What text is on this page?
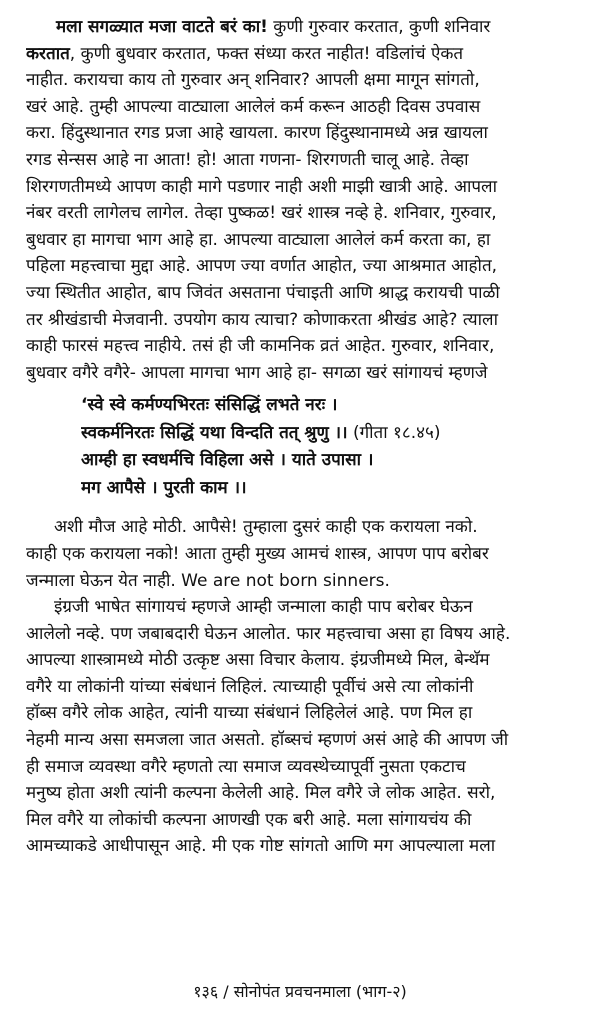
मला सगळ्यात मजा वाटते बरं का! कुणी गुरुवार करतात, कुणी शनिवार
करतात, कुणी बुधवार करतात, फक्त संध्या करत नाहीत! वडिलांचं ऐकत
नाहीत. करायचा काय तो गुरुवार अन् शनिवार? आपली क्षमा मागून सांगतो,
खरं आहे. तुम्ही आपल्या वाट्याला आलेलं कर्म करून आठही दिवस उपवास
करा. हिंदुस्थानात रगड प्रजा आहे खायला. कारण हिंदुस्थानामध्ये अन्न खायला
रगड सेन्सस आहे ना आता! हो! आता गणना- शिरगणती चालू आहे. तेव्हा
शिरगणतीमध्ये आपण काही मागे पडणार नाही अशी माझी खात्री आहे. आपला
नंबर वरती लागेलच लागेल. तेव्हा पुष्कळ! खरं शास्त्र नव्हे हे. शनिवार, गुरुवार,
बुधवार हा मागचा भाग आहे हा. आपल्या वाट्याला आलेलं कर्म करता का, हा
पहिला महत्त्वाचा मुद्दा आहे. आपण ज्या वर्णात आहोत, ज्या आश्रमात आहोत,
ज्या स्थितीत आहोत, बाप जिवंत असताना पंचाइती आणि श्राद्ध करायची पाळी
तर श्रीखंडाची मेजवानी. उपयोग काय त्याचा? कोणाकरता श्रीखंड आहे? त्याला
काही फारसं महत्त्व नाहीये. तसं ही जी कामनिक व्रतं आहेत. गुरुवार, शनिवार,
बुधवार वगैरे वगैरे- आपला मागचा भाग आहे हा- सगळा खरं सांगायचं म्हणजे
‘स्वे स्वे कर्मण्यभिरतः संसिद्धिं लभते नरः ।
स्वकर्मनिरतः सिद्धिं यथा विन्दति तत् श्रुणु ।। (गीता १८.४५)
आम्ही हा स्वधर्मचि विहिला असे । याते उपासा ।
मग आपैसे । पुरती काम ।।
अशी मौज आहे मोठी. आपैसे! तुम्हाला दुसरं काही एक करायला नको.
काही एक करायला नको! आता तुम्ही मुख्य आमचं शास्त्र, आपण पाप बरोबर
जन्माला घेऊन येत नाही. We are not born sinners.
इंग्रजी भाषेत सांगायचं म्हणजे आम्ही जन्माला काही पाप बरोबर घेऊन
आलेलो नव्हे. पण जबाबदारी घेऊन आलोत. फार महत्त्वाचा असा हा विषय आहे.
आपल्या शास्त्रामध्ये मोठी उत्कृष्ट असा विचार केलाय. इंग्रजीमध्ये मिल, बेन्थॅम
वगैरे या लोकांनी यांच्या संबंधानं लिहिलं. त्याच्याही पूर्वीचं असे त्या लोकांनी
हॉब्स वगैरे लोक आहेत, त्यांनी याच्या संबंधानं लिहिलेलं आहे. पण मिल हा
नेहमी मान्य असा समजला जात असतो. हॉब्सचं म्हणणं असं आहे की आपण जी
ही समाज व्यवस्था वगैरे म्हणतो त्या समाज व्यवस्थेच्यापूर्वी नुसता एकटाच
मनुष्य होता अशी त्यांनी कल्पना केलेली आहे. मिल वगैरे जे लोक आहेत. सरो,
मिल वगैरे या लोकांची कल्पना आणखी एक बरी आहे. मला सांगायचंय की
आमच्याकडे आधीपासून आहे. मी एक गोष्ट सांगतो आणि मग आपल्याला मला
१३६ / सोनोपंत प्रवचनमाला (भाग-२)
